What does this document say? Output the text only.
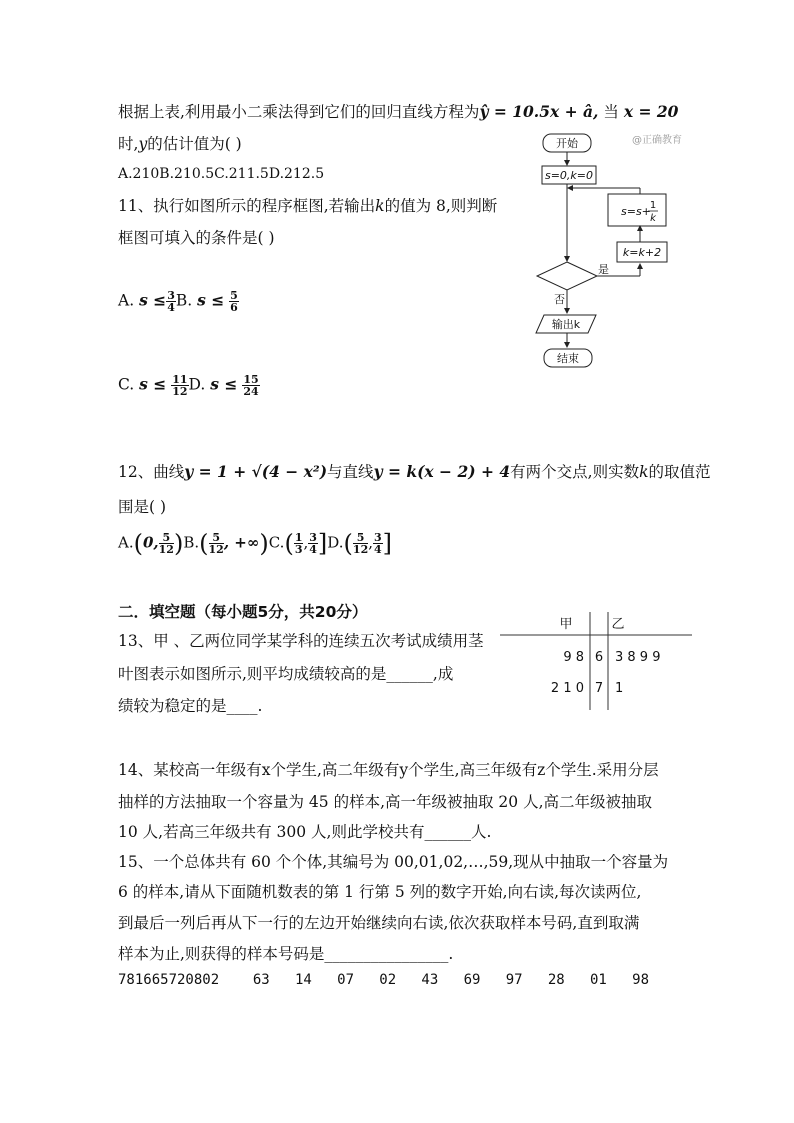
根据上表,利用最小二乘法得到它们的回归直线方程为ŷ = 10.5x + â, 当 x = 20
时,y的估计值为( )
A.210B.210.5C.211.5D.212.5
@正确教育
11、执行如图所示的程序框图,若输出k的值为 8,则判断
框图可填入的条件是( )
A. $s \le \frac{3}{4} B$. $s \le \frac{5}{6}$
C. $s \le \frac{11}{12} D$. $s \le \frac{15}{24}$
开始
s=0,k=0
s=s+
1
k
k=k+2
是
否
输出k
结束
12、曲线y = 1 + √(4 − x²)与直线y = k(x − 2) + 4有两个交点,则实数k的取值范
围是( )
A.(0, $\frac{5}{12} )B.( \frac{5}{12}$ , $+\infty)C.( \frac{1}{3}$ , $\frac{3}{4} ]D.( \frac{5}{12}$ , $\frac{3}{4}$ ]
二．填空题（每小题5分，共20分）
13、甲 、乙两位同学某学科的连续五次考试成绩用茎
叶图表示如图所示,则平均成绩较高的是______,成
绩较为稳定的是____.
甲	乙
9 8 6 3 8 9 9
2 1 0 7 1
14、某校高一年级有x个学生,高二年级有y个学生,高三年级有z个学生.采用分层
抽样的方法抽取一个容量为 45 的样本,高一年级被抽取 20 人,高二年级被抽取
10 人,若高三年级共有 300 人,则此学校共有______人.
15、一个总体共有 60 个个体,其编号为 00,01,02,…,59,现从中抽取一个容量为
6 的样本,请从下面随机数表的第 1 行第 5 列的数字开始,向右读,每次读两位,
到最后一列后再从下一行的左边开始继续向右读,依次获取样本号码,直到取满
样本为止,则获得的样本号码是________________.
781665720802    63   14   07   02   43   69   97   28   01   98
